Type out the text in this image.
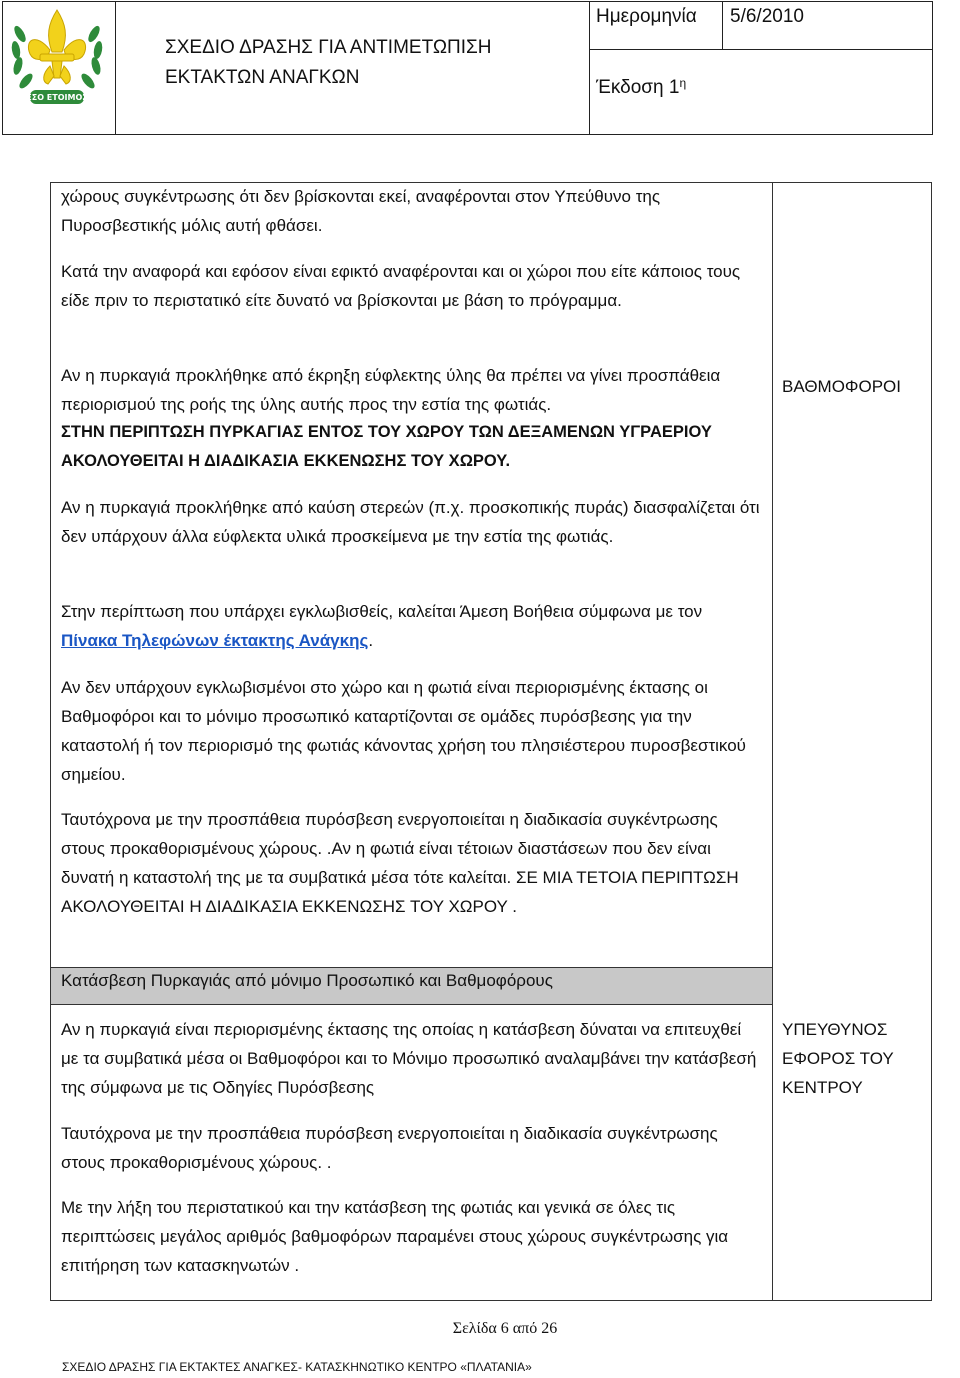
ΕΣΟ ΕΤΟΙΜΟΣ
ΣΧΕΔΙΟ ΔΡΑΣΗΣ ΓΙΑ ΑΝΤΙΜΕΤΩΠΙΣΗ ΕΚΤΑΚΤΩΝ ΑΝΑΓΚΩΝ
Ημερομηνία 5/6/2010
Έκδοση $1^\eta$
χώρους συγκέντρωσης ότι δεν βρίσκονται εκεί, αναφέρονται στον Υπεύθυνο της Πυροσβεστικής μόλις αυτή φθάσει.
Κατά την αναφορά και εφόσον είναι εφικτό αναφέρονται και οι χώροι που είτε κάποιος τους είδε πριν το περιστατικό είτε δυνατό να βρίσκονται με βάση το πρόγραμμα.
Αν η πυρκαγιά προκλήθηκε από έκρηξη εύφλεκτης ύλης θα πρέπει να γίνει προσπάθεια περιορισμού της ροής της ύλης αυτής προς την εστία της φωτιάς.
ΣΤΗΝ ΠΕΡΙΠΤΩΣΗ ΠΥΡΚΑΓΙΑΣ ΕΝΤΟΣ ΤΟΥ ΧΩΡΟΥ ΤΩΝ ΔΕΞΑΜΕΝΩΝ ΥΓΡΑΕΡΙΟΥ ΑΚΟΛΟΥΘΕΙΤΑΙ Η ΔΙΑΔΙΚΑΣΙΑ ΕΚΚΕΝΩΣΗΣ ΤΟΥ ΧΩΡΟΥ.
ΒΑΘΜΟΦΟΡΟΙ
Αν η πυρκαγιά προκλήθηκε από καύση στερεών (π.χ. προσκοπικής πυράς) διασφαλίζεται ότι δεν υπάρχουν άλλα εύφλεκτα υλικά προσκείμενα με την εστία της φωτιάς.
Στην περίπτωση που υπάρχει εγκλωβισθείς, καλείται Άμεση Βοήθεια σύμφωνα με τον Πίνακα Τηλεφώνων έκτακτης Ανάγκης.
Αν δεν υπάρχουν εγκλωβισμένοι στο χώρο και η φωτιά είναι περιορισμένης έκτασης οι Βαθμοφόροι και το μόνιμο προσωπικό καταρτίζονται σε ομάδες πυρόσβεσης για την καταστολή ή τον περιορισμό της φωτιάς κάνοντας χρήση του πλησιέστερου πυροσβεστικού σημείου.
Ταυτόχρονα με την προσπάθεια πυρόσβεση ενεργοποιείται η διαδικασία συγκέντρωσης στους προκαθορισμένους χώρους. .Αν η φωτιά είναι τέτοιων διαστάσεων που δεν είναι δυνατή η καταστολή της με τα συμβατικά μέσα τότε καλείται. ΣΕ ΜΙΑ ΤΕΤΟΙΑ ΠΕΡΙΠΤΩΣΗ ΑΚΟΛΟΥΘΕΙΤΑΙ Η ΔΙΑΔΙΚΑΣΙΑ ΕΚΚΕΝΩΣΗΣ ΤΟΥ ΧΩΡΟΥ .
Κατάσβεση Πυρκαγιάς από μόνιμο Προσωπικό και Βαθμοφόρους
Αν η πυρκαγιά είναι περιορισμένης έκτασης της οποίας η κατάσβεση δύναται να επιτευχθεί με τα συμβατικά μέσα οι Βαθμοφόροι και το Μόνιμο προσωπικό αναλαμβάνει την κατάσβεσή της σύμφωνα με τις Οδηγίες Πυρόσβεσης
ΥΠΕΥΘΥΝΟΣ ΕΦΟΡΟΣ ΤΟΥ ΚΕΝΤΡΟΥ
Ταυτόχρονα με την προσπάθεια πυρόσβεση ενεργοποιείται η διαδικασία συγκέντρωσης στους προκαθορισμένους χώρους. .
Με την λήξη του περιστατικού και την κατάσβεση της φωτιάς και γενικά σε όλες τις περιπτώσεις μεγάλος αριθμός βαθμοφόρων παραμένει στους χώρους συγκέντρωσης για επιτήρηση των κατασκηνωτών .
Σελίδα 6 από 26
ΣΧΕΔΙΟ ΔΡΑΣΗΣ ΓΙΑ ΕΚΤΑΚΤΕΣ ΑΝΑΓΚΕΣ- ΚΑΤΑΣΚΗΝΩΤΙΚΟ ΚΕΝΤΡΟ «ΠΛΑΤΑΝΙΑ»
